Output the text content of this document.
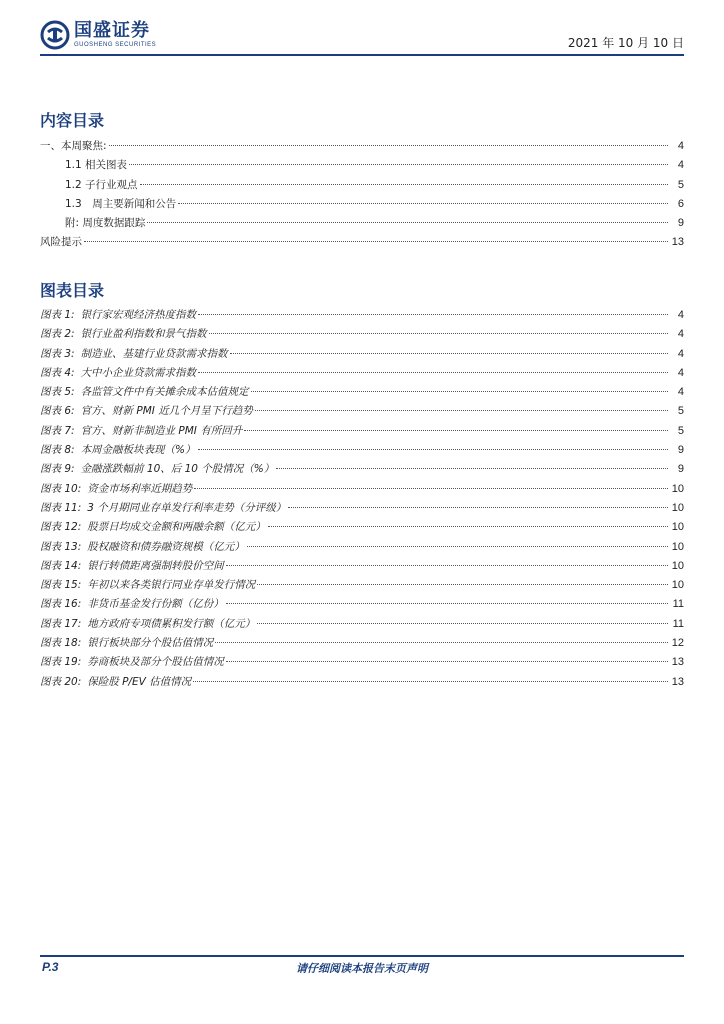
国盛证券
GUOSHENG SECURITIES	2021 年 10 月 10 日
内容目录
一、本周聚焦:	4
1.1 相关图表	4
1.2 子行业观点	5
1.3　周主要新闻和公告	6
附: 周度数据跟踪	9
风险提示	13
图表目录
图表 1: 银行家宏观经济热度指数	4
图表 2: 银行业盈利指数和景气指数	4
图表 3: 制造业、基建行业贷款需求指数	4
图表 4: 大中小企业贷款需求指数	4
图表 5: 各监管文件中有关摊余成本估值规定	4
图表 6: 官方、财新 PMI 近几个月呈下行趋势	5
图表 7: 官方、财新非制造业 PMI 有所回升	5
图表 8: 本周金融板块表现（%）	9
图表 9: 金融涨跌幅前 10、后 10 个股情况（%）	9
图表 10: 资金市场利率近期趋势	10
图表 11: 3 个月期同业存单发行利率走势（分评级）	10
图表 12: 股票日均成交金额和两融余额（亿元）	10
图表 13: 股权融资和债券融资规模（亿元）	10
图表 14: 银行转债距离强制转股价空间	10
图表 15: 年初以来各类银行同业存单发行情况	10
图表 16: 非货币基金发行份额（亿份）	11
图表 17: 地方政府专项债累积发行额（亿元）	11
图表 18: 银行板块部分个股估值情况	12
图表 19: 券商板块及部分个股估值情况	13
图表 20: 保险股 P/EV 估值情况	13
请仔细阅读本报告末页声明
P.3
